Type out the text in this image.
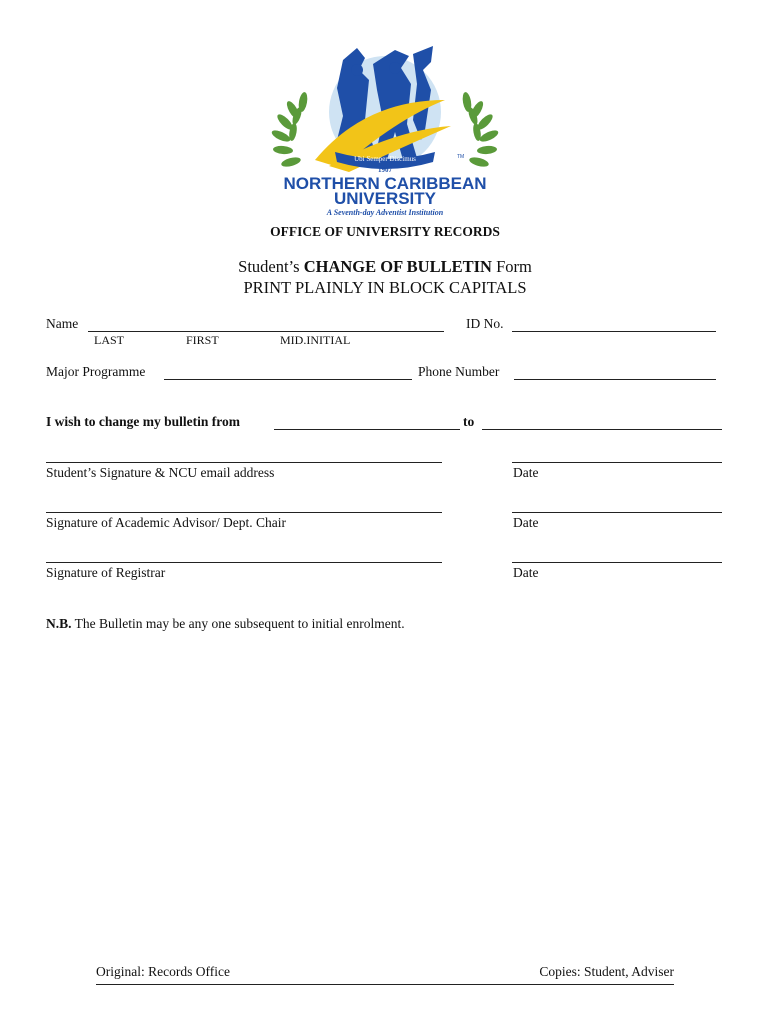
Ubi Semper Discimus
1907
TM
NORTHERN CARIBBEAN
UNIVERSITY
A Seventh-day Adventist Institution
OFFICE OF UNIVERSITY RECORDS
Student’s CHANGE OF BULLETIN Form
PRINT PLAINLY IN BLOCK CAPITALS
Name
LAST	FIRST	MID.INITIAL
ID No.
Major Programme	Phone Number
I wish to change my bulletin from	to
Student’s Signature & NCU email address	Date
Signature of Academic Advisor/ Dept. Chair	Date
Signature of Registrar	Date
N.B. The Bulletin may be any one subsequent to initial enrolment.
Original: Records Office	Copies: Student, Adviser
